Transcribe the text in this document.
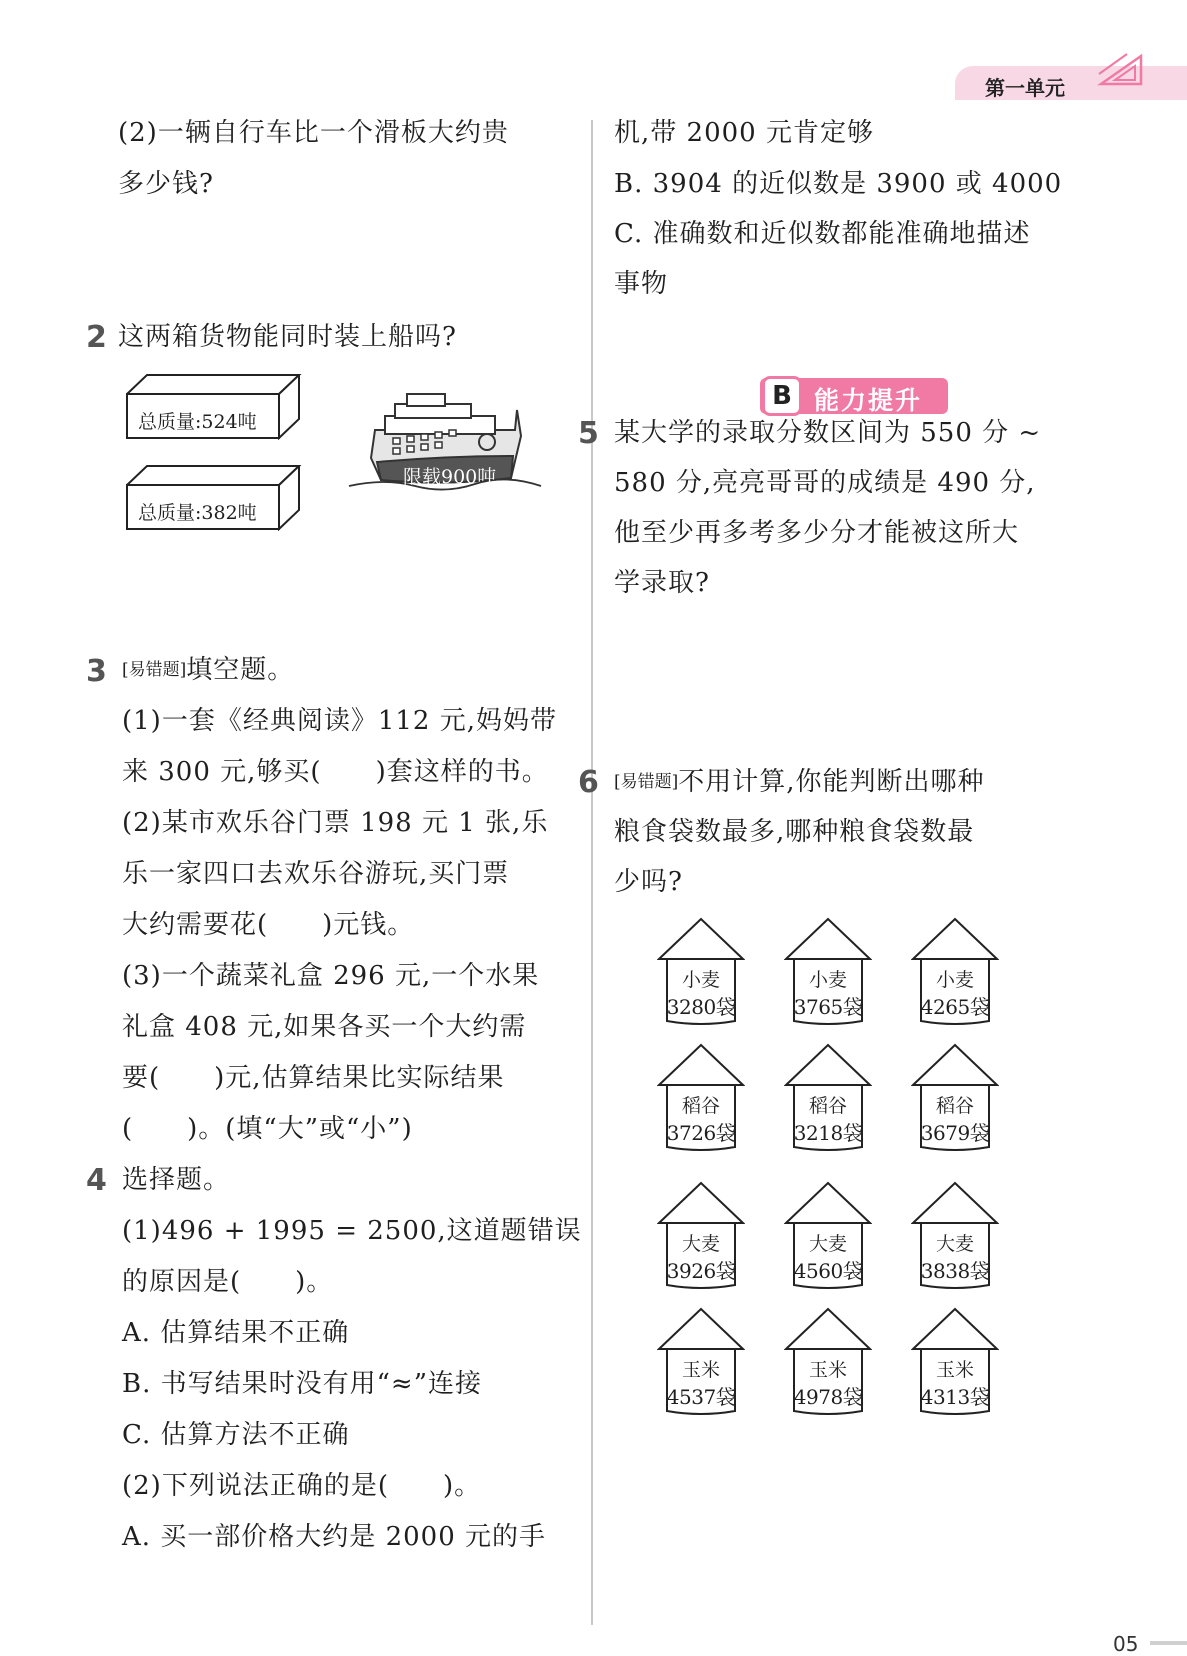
第一单元
(2)一辆自行车比一个滑板大约贵
多少钱?
2 这两箱货物能同时装上船吗?
总质量:524吨
总质量:382吨
限载900吨
3 [易错题]填空题。
(1)一套《经典阅读》112 元,妈妈带
来 300 元,够买(　　)套这样的书。
(2)某市欢乐谷门票 198 元 1 张,乐
乐一家四口去欢乐谷游玩,买门票
大约需要花(　　)元钱。
(3)一个蔬菜礼盒 296 元,一个水果
礼盒 408 元,如果各买一个大约需
要(　　)元,估算结果比实际结果
(　　)。(填“大”或“小”)
4 选择题。
(1)496 + 1995 = 2500,这道题错误
的原因是(　　)。
A. 估算结果不正确
B. 书写结果时没有用“≈”连接
C. 估算方法不正确
(2)下列说法正确的是(　　)。
A. 买一部价格大约是 2000 元的手
机,带 2000 元肯定够
B. 3904 的近似数是 3900 或 4000
C. 准确数和近似数都能准确地描述
事物
B 能力提升
5 某大学的录取分数区间为 550 分 ~
580 分,亮亮哥哥的成绩是 490 分,
他至少再多考多少分才能被这所大
学录取?
6 [易错题]不用计算,你能判断出哪种
粮食袋数最多,哪种粮食袋数最
少吗?
小麦
3280袋
小麦
3765袋
小麦
4265袋
稻谷
3726袋
稻谷
3218袋
稻谷
3679袋
大麦
3926袋
大麦
4560袋
大麦
3838袋
玉米
4537袋
玉米
4978袋
玉米
4313袋
05
